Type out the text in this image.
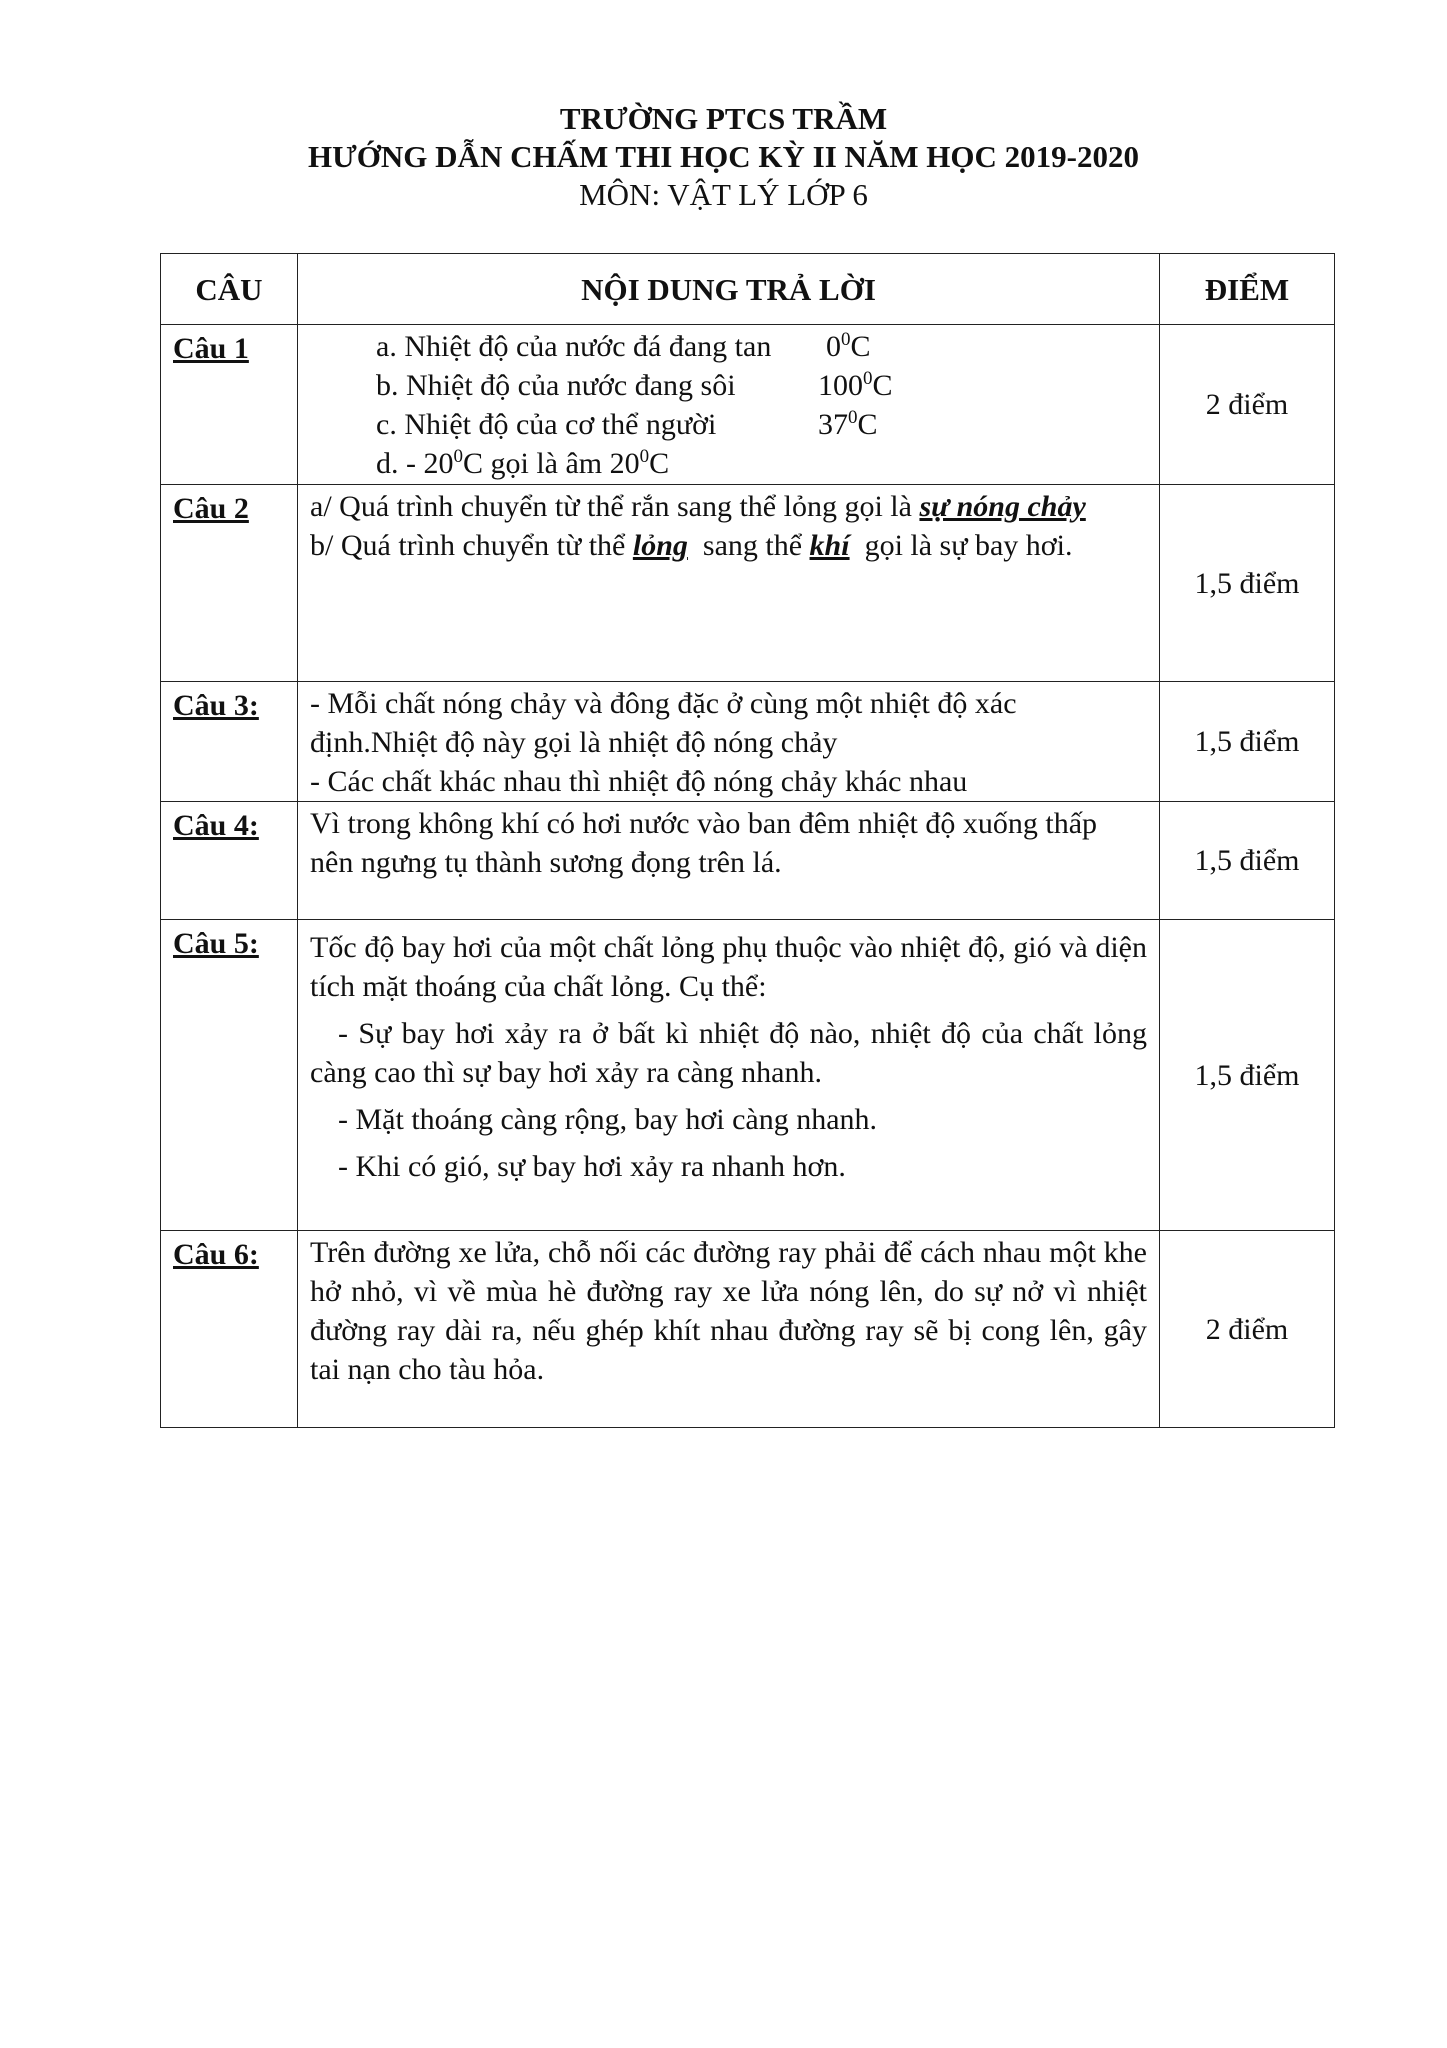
TRƯỜNG PTCS TRẦM
HƯỚNG DẪN CHẤM THI HỌC KỲ II NĂM HỌC 2019-2020
MÔN: VẬT LÝ LỚP 6
CÂU	NỘI DUNG TRẢ LỜI	ĐIỂM
Câu 1	a. Nhiệt độ của nước đá đang $\tan 0^0C$
b. Nhiệt độ của nước đang sôi $100^0C$
c. Nhiệt độ của cơ thể người $37^0C$
d. - $20^0C$ gọi là âm $20^0C$	2 điểm
Câu 2	a/ Quá trình chuyển từ thể rắn sang thể lỏng gọi là sự nóng chảy
b/ Quá trình chuyển từ thể lỏng  sang thể khí  gọi là sự bay hơi.	1,5 điểm
Câu 3:	- Mỗi chất nóng chảy và đông đặc ở cùng một nhiệt độ xác định.Nhiệt độ này gọi là nhiệt độ nóng chảy
- Các chất khác nhau thì nhiệt độ nóng chảy khác nhau	1,5 điểm
Câu 4:	Vì trong không khí có hơi nước vào ban đêm nhiệt độ xuống thấp nên ngưng tụ thành sương đọng trên lá.	1,5 điểm
Câu 5:	Tốc độ bay hơi của một chất lỏng phụ thuộc vào nhiệt độ, gió và diện tích mặt thoáng của chất lỏng. Cụ thể:
- Sự bay hơi xảy ra ở bất kì nhiệt độ nào, nhiệt độ của chất lỏng càng cao thì sự bay hơi xảy ra càng nhanh.
- Mặt thoáng càng rộng, bay hơi càng nhanh.
- Khi có gió, sự bay hơi xảy ra nhanh hơn.	1,5 điểm
Câu 6:	Trên đường xe lửa, chỗ nối các đường ray phải để cách nhau một khe hở nhỏ, vì về mùa hè đường ray xe lửa nóng lên, do sự nở vì nhiệt đường ray dài ra, nếu ghép khít nhau đường ray sẽ bị cong lên, gây tai nạn cho tàu hỏa.	2 điểm
